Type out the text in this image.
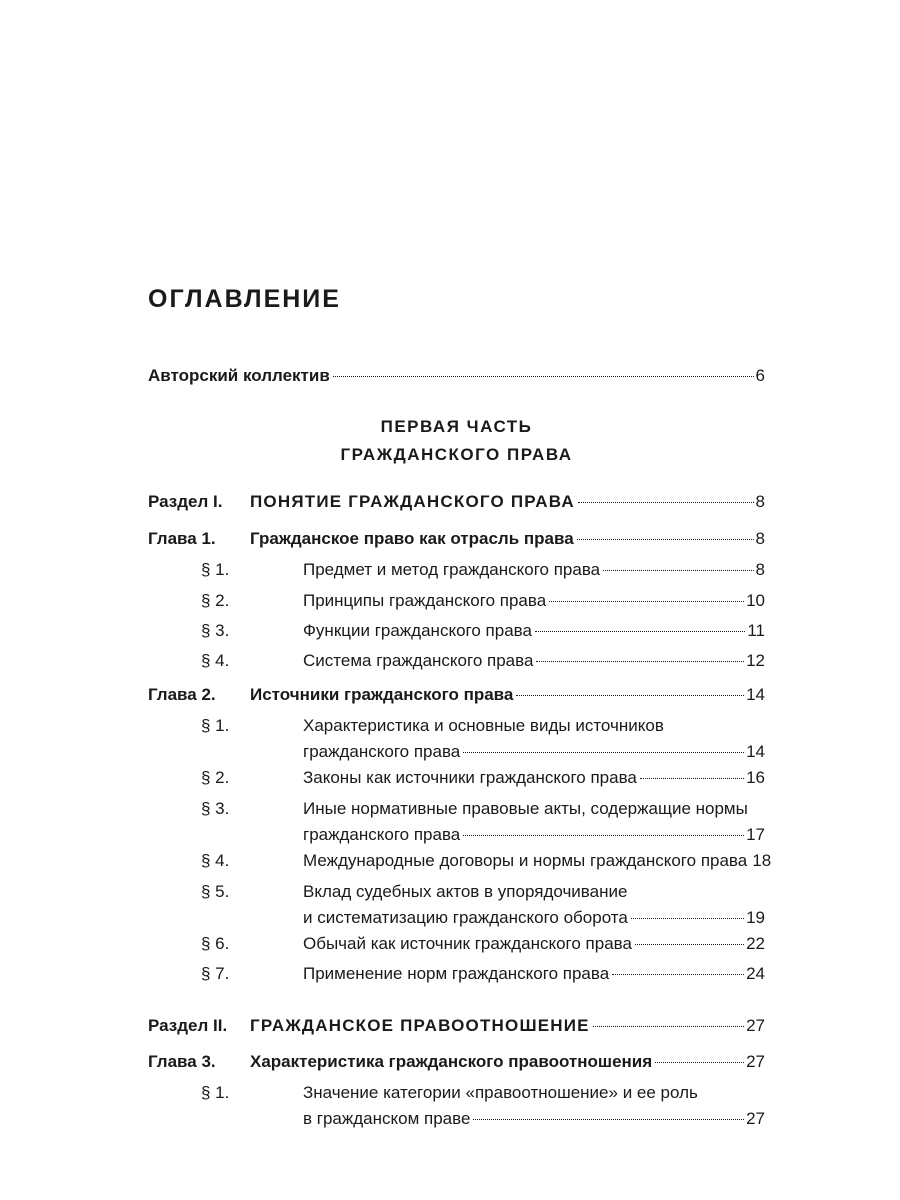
ОГЛАВЛЕНИЕ
Авторский коллектив	6
ПЕРВАЯ ЧАСТЬ
ГРАЖДАНСКОГО ПРАВА
Раздел I.	ПОНЯТИЕ ГРАЖДАНСКОГО ПРАВА	8
Глава 1.	Гражданское право как отрасль права	8
§ 1.	Предмет и метод гражданского права	8
§ 2.	Принципы гражданского права	10
§ 3.	Функции гражданского права	11
§ 4.	Система гражданского права	12
Глава 2.	Источники гражданского права	14
§ 1.	Характеристика и основные виды источников
гражданского права	14
§ 2.	Законы как источники гражданского права	16
§ 3.	Иные нормативные правовые акты, содержащие нормы
гражданского права	17
§ 4.	Международные договоры и нормы гражданского права 18
§ 5.	Вклад судебных актов в упорядочивание
и систематизацию гражданского оборота	19
§ 6.	Обычай как источник гражданского права	22
§ 7.	Применение норм гражданского права	24
Раздел II.	ГРАЖДАНСКОЕ ПРАВООТНОШЕНИЕ	27
Глава 3.	Характеристика гражданского правоотношения	27
§ 1.	Значение категории «правоотношение» и ее роль
в гражданском праве	27
